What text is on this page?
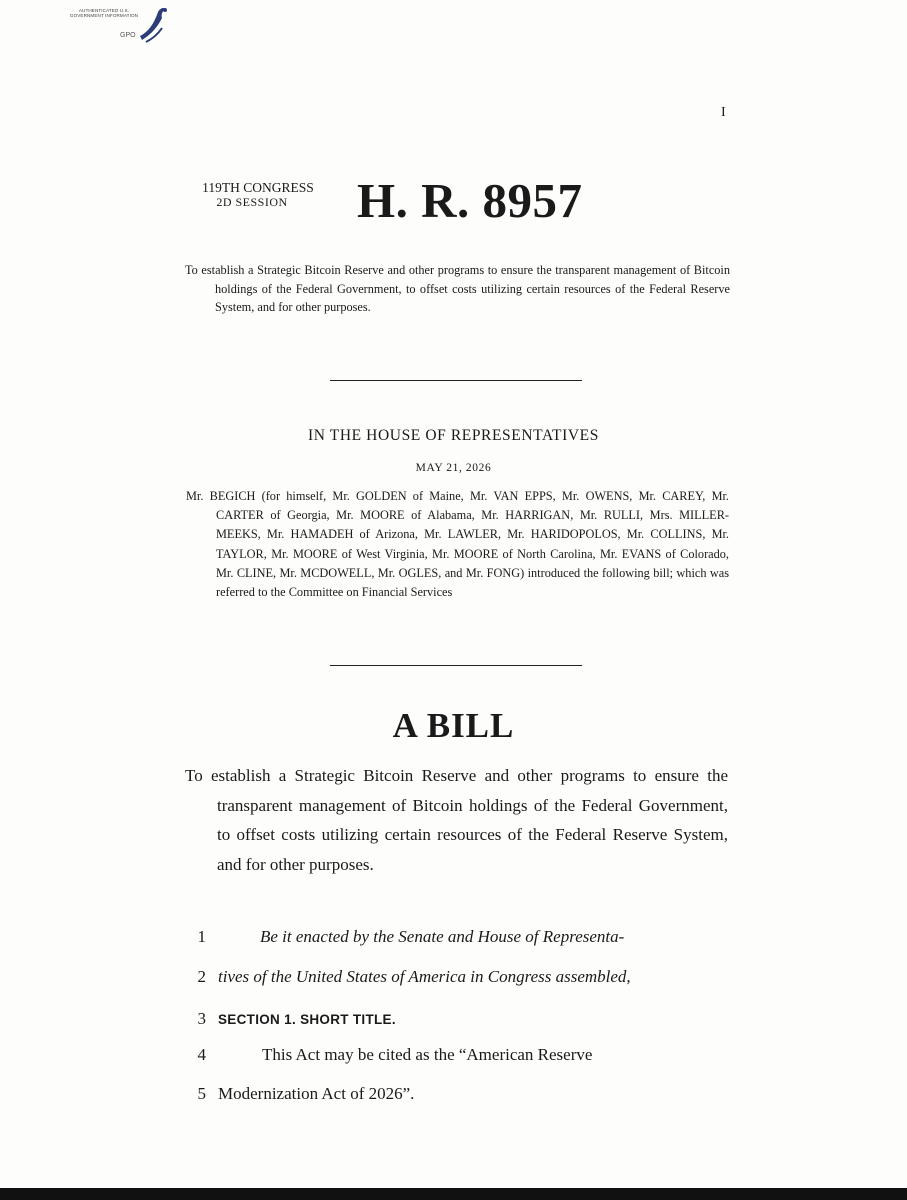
AUTHENTICATED U.S. GOVERNMENT INFORMATION
GPO
I
119TH CONGRESS
2D SESSION	H. R. 8957

To establish a Strategic Bitcoin Reserve and other programs to ensure the transparent management of Bitcoin holdings of the Federal Government, to offset costs utilizing certain resources of the Federal Reserve System, and for other purposes.

IN THE HOUSE OF REPRESENTATIVES
MAY 21, 2026

Mr. BEGICH (for himself, Mr. GOLDEN of Maine, Mr. VAN EPPS, Mr. OWENS, Mr. CAREY, Mr. CARTER of Georgia, Mr. MOORE of Alabama, Mr. HARRIGAN, Mr. RULLI, Mrs. MILLER-MEEKS, Mr. HAMADEH of Arizona, Mr. LAWLER, Mr. HARIDOPOLOS, Mr. COLLINS, Mr. TAYLOR, Mr. MOORE of West Virginia, Mr. MOORE of North Carolina, Mr. EVANS of Colorado, Mr. CLINE, Mr. MCDOWELL, Mr. OGLES, and Mr. FONG) introduced the following bill; which was referred to the Committee on Financial Services

A BILL

To establish a Strategic Bitcoin Reserve and other programs to ensure the transparent management of Bitcoin holdings of the Federal Government, to offset costs utilizing certain resources of the Federal Reserve System, and for other purposes.

1	Be it enacted by the Senate and House of Representa-
2 tives of the United States of America in Congress assembled,
3 SECTION 1. SHORT TITLE.
4	This Act may be cited as the “American Reserve
5 Modernization Act of 2026”.
